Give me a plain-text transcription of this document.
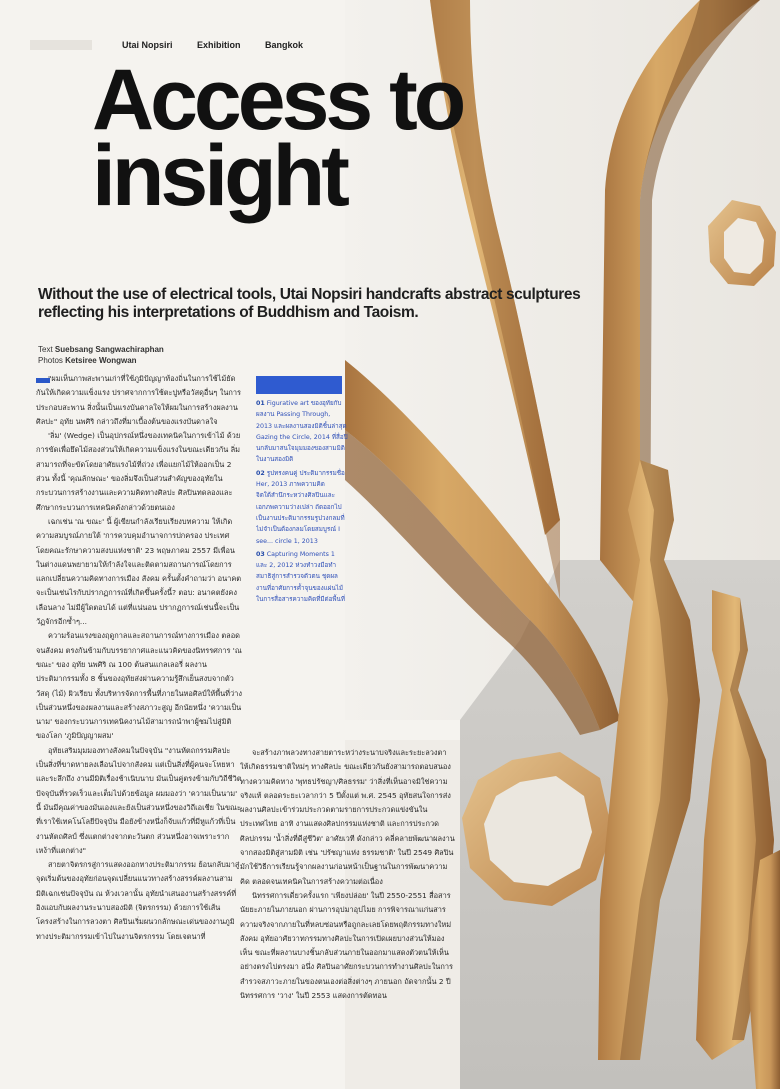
Utai Nopsiri	Exhibition	Bangkok
Access to
insight
Without the use of electrical tools, Utai Nopsiri handcrafts abstract sculptures reflecting his interpretations of Buddhism and Taoism.
Text Suebsang Sangwachiraphan
Photos Ketsiree Wongwan

"ผมเห็นภาพสะพานเก่าที่ใช้ภูมิปัญญาท้องถิ่นในการใช้ไม้ยัดกันให้เกิดความแข็งแรง ปราศจากการใช้ตะปูหรือวัสดุอื่นๆ ในการประกอบสะพาน สิ่งนั้นเป็นแรงบันดาลใจให้ผมในการสร้างผลงานศิลปะ" อุทัย นพศิริ กล่าวถึงที่มาเบื้องต้นของแรงบันดาลใจ

'ลิ่ม' (Wedge) เป็นอุปกรณ์หนึ่งของเทคนิคในการเข้าไม้ ด้วยการขัดเพื่อยึดไม้สองส่วนให้เกิดความแข็งแรงในขณะเดียวกัน ลิ่มสามารถที่จะขัดโดยอาศัยแรงไม้ที่ถ่วง เพื่อแยกไม้ให้ออกเป็น 2 ส่วน ทั้งนี้ 'คุณลักษณะ' ของลิ่มจึงเป็นส่วนสำคัญของอุทัยในกระบวนการสร้างงานและความคิดทางศิลปะ ศิลปินทดลองและศึกษากระบวนการเทคนิคดังกล่าวด้วยตนเอง

เฉกเช่น 'ณ ขณะ' นี้ ผู้เขียนกำลังเรียบเรียงบทความ ให้เกิดความสมบูรณ์ภายใต้ 'การควบคุมอำนาจการปกครอง ประเทศโดยคณะรักษาความสงบแห่งชาติ' 23 พฤษภาคม 2557 มีเพื่อนในต่างแดนพยายามให้กำลังใจและติดตามสถานการณ์โดยการแลกเปลี่ยนความคิดทางการเมือง สังคม ครั้นตั้งคำถามว่า อนาคตจะเป็นเช่นไรกับปรากฏการณ์ที่เกิดขึ้นครั้งนี้? ตอบ: อนาคตยังคงเลือนลาง ไม่มีผู้ใดตอบได้ แต่ที่แน่นอน ปรากฏการณ์เช่นนี้จะเป็นวัฏจักรอีกซ้ำๆ...

ความร้อนแรงของฤดูกาลและสถานการณ์ทางการเมือง ตลอดจนสังคม ตรงกันข้ามกับบรรยากาศและแนวคิดของนิทรรศการ 'ณ ขณะ' ของ อุทัย นพศิริ ณ 100 ต้นสนแกลเลอรี่ ผลงานประติมากรรมทั้ง 8 ชิ้นของอุทัยส่งผ่านความรู้สึกเย็นสงบจากตัววัสดุ (ไม้) ผิวเรียบ ทั้งบริหารจัดการพื้นที่ภายในหอศิลป์ให้พื้นที่ว่างเป็นส่วนหนึ่งของผลงานและสร้างสภาวะสูญ อีกนัยหนึ่ง 'ความเป็นนาม' ของกระบวนการเทคนิคงานไม้สามารถนำพาผู้ชมไปสู่มิติของโลก 'ภูมิปัญญาผสม'

อุทัยเสริมมุมมองทางสังคมในปัจจุบัน "งานหัตถกรรมศิลปะ เป็นสิ่งที่ขาดหายลงเลือนไปจากสังคม แต่เป็นสิ่งที่ผู้คนจะโหยหาและระลึกถึง งานมีมิติเรื่องช้าเนิบนาบ มันเป็นคู่ตรงข้ามกับวิถีชีวิตปัจจุบันที่รวดเร็วและเต็มไปด้วยข้อมูล ผมมองว่า 'ความเป็นนาม' นี้ มันมีคุณค่าของมันเองและยังเป็นส่วนหนึ่งของวิถีเอเชีย ในขณะที่เราใช้เทคโนโลยีปัจจุบัน มือยังข้างหนึ่งก็จับแก้วที่มีหูแก้วที่เป็นงานหัตถศิลป์ ซึ่งแตกต่างจากตะวันตก ส่วนหนึ่งอาจเพราะรากเหง้าที่แตกต่าง"

สายตาจิตรกรสู่การแสดงออกทางประติมากรรม ย้อนกลับมาสู่จุดเริ่มต้นของอุทัยก่อนจุดเปลี่ยนแนวทางสร้างสรรค์ผลงานสามมิติเฉกเช่นปัจจุบัน ณ ห้วงเวลานั้น อุทัยนำเสนองานสร้างสรรค์ที่อิงแอบกับผลงานระนาบสองมิติ (จิตรกรรม) ด้วยการใช้เส้นโครงสร้างในการลวงตา ศิลปินเริ่มผนวกลักษณะเด่นของงานภูมิทางประติมากรรมเข้าไปในงานจิตรกรรม โดยเจตนาที่

01 Figurative art ของอุทัยกับผลงาน Passing Through, 2013 และผลงานสองมิติชิ้นล่าสุด Gazing the Circle, 2014 ที่สื่อปินกลับมาสนใจมุมมองของสามมิติในงานสองมิติ
02 รูปทรงคนคู่ ประติมากรรมชื่อ Her, 2013 ภาพความคิดจิตใต้สำนึกระหว่างศิลปินและเอกภพความว่างเปล่า ถัดออกไปเป็นงานประติมากรรมรูปวงกลมที่ไม่จำเป็นต้องกลมโดยสมบูรณ์ I see... circle 1, 2013
03 Capturing Moments 1 และ 2, 2012 ห่วงทำวงมือทำสมาธิสู่การสำรวจตัวตน ชุดผลงานที่อาศัยการค้ำจุนของแผ่นไม้ในการสื่อสารความคิดที่มีต่อพื้นที่

จะสร้างภาพลวงทางสายตาระหว่างระนาบจริงและระยะลวงตา ให้เกิดธรรมชาติใหม่ๆ ทางศิลปะ ขณะเดียวกันยังสามารถตอบสนองทางความคิดทาง 'พุทธปรัชญา/ศิลธรรม' ว่าสิ่งที่เห็นอาจมิใช่ความจริงแท้ ตลอดระยะเวลากว่า 5 ปีตั้งแต่ พ.ศ. 2545 อุทัยสนใจการส่งผลงานศิลปะเข้าร่วมประกวดตามรายการประกวดแข่งขันในประเทศไทย อาทิ งานแสดงศิลปกรรมแห่งชาติ และการประกวดศิลปกรรม 'น้ำสิ่งที่ดีสู่ชีวิต' อาศัยเวที ดังกล่าว คลี่คลายพัฒนาผลงานจากสองมิติสู่สามมิติ เช่น 'ปรัชญาแห่ง ธรรมชาติ' ในปี 2549 ศิลปินมักใช้วิธีการเรียนรู้จากผลงานก่อนหน้าเป็นฐานในการพัฒนาความคิด ตลอดจนเทคนิคในการสร้างความต่อเนื่อง

นิทรรศการเดี่ยวครั้งแรก 'เพียงปล่อย' ในปี 2550-2551 สื่อสารนัยยะภายในภายนอก ผ่านการอุปมาอุปไมย การพิจารณาแก่นสารความจริงจากภายในที่หลบซ่อนหรือถูกละเลยโดยพฤติกรรมทางใหม่ สังคม อุทัยอาศัยวาทกรรมทางศิลปะในการเปิดเผยบางส่วนให้มองเห็น ขณะที่ผลงานบางชิ้นกลับส่วนภายในออกมาแสดงตัวตนให้เห็นอย่างตรงไปตรงมา อนึ่ง ศิลปินอาศัยกระบวนการทำงานศิลปะในการสำรวจสภาวะภายในของตนเองต่อสิ่งต่างๆ ภายนอก ถัดจากนั้น 2 ปี นิทรรศการ 'วาง' ในปี 2553 แสดงการตัดทอน
